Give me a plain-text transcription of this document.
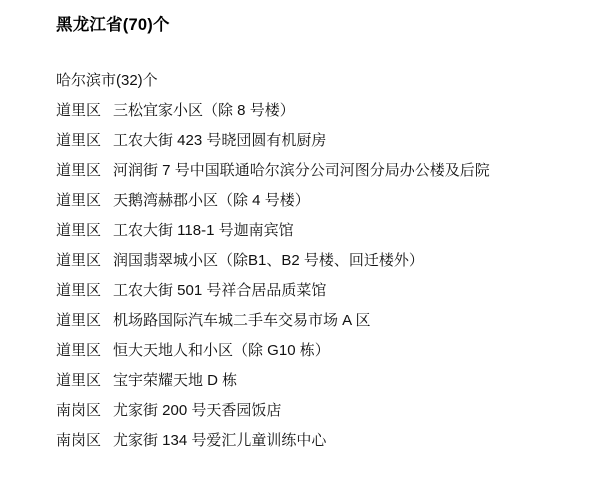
黑龙江省(70)个
哈尔滨市(32)个
道里区 三松宜家小区（除 8 号楼）
道里区 工农大街 423 号晓団圆有机厨房
道里区 河润街 7 号中国联通哈尔滨分公司河图分局办公楼及后院
道里区 天鹅湾赫郡小区（除 4 号楼）
道里区 工农大街 118-1 号迦南宾馆
道里区 润国翡翠城小区（除B1、B2 号楼、回迁楼外）
道里区 工农大街 501 号祥合居品质菜馆
道里区 机场路国际汽车城二手车交易市场 A 区
道里区 恒大天地人和小区（除 G10 栋）
道里区 宝宇荣耀天地 D 栋
南岗区 尤家街 200 号天香园饭店
南岗区 尤家街 134 号爱汇儿童训练中心
